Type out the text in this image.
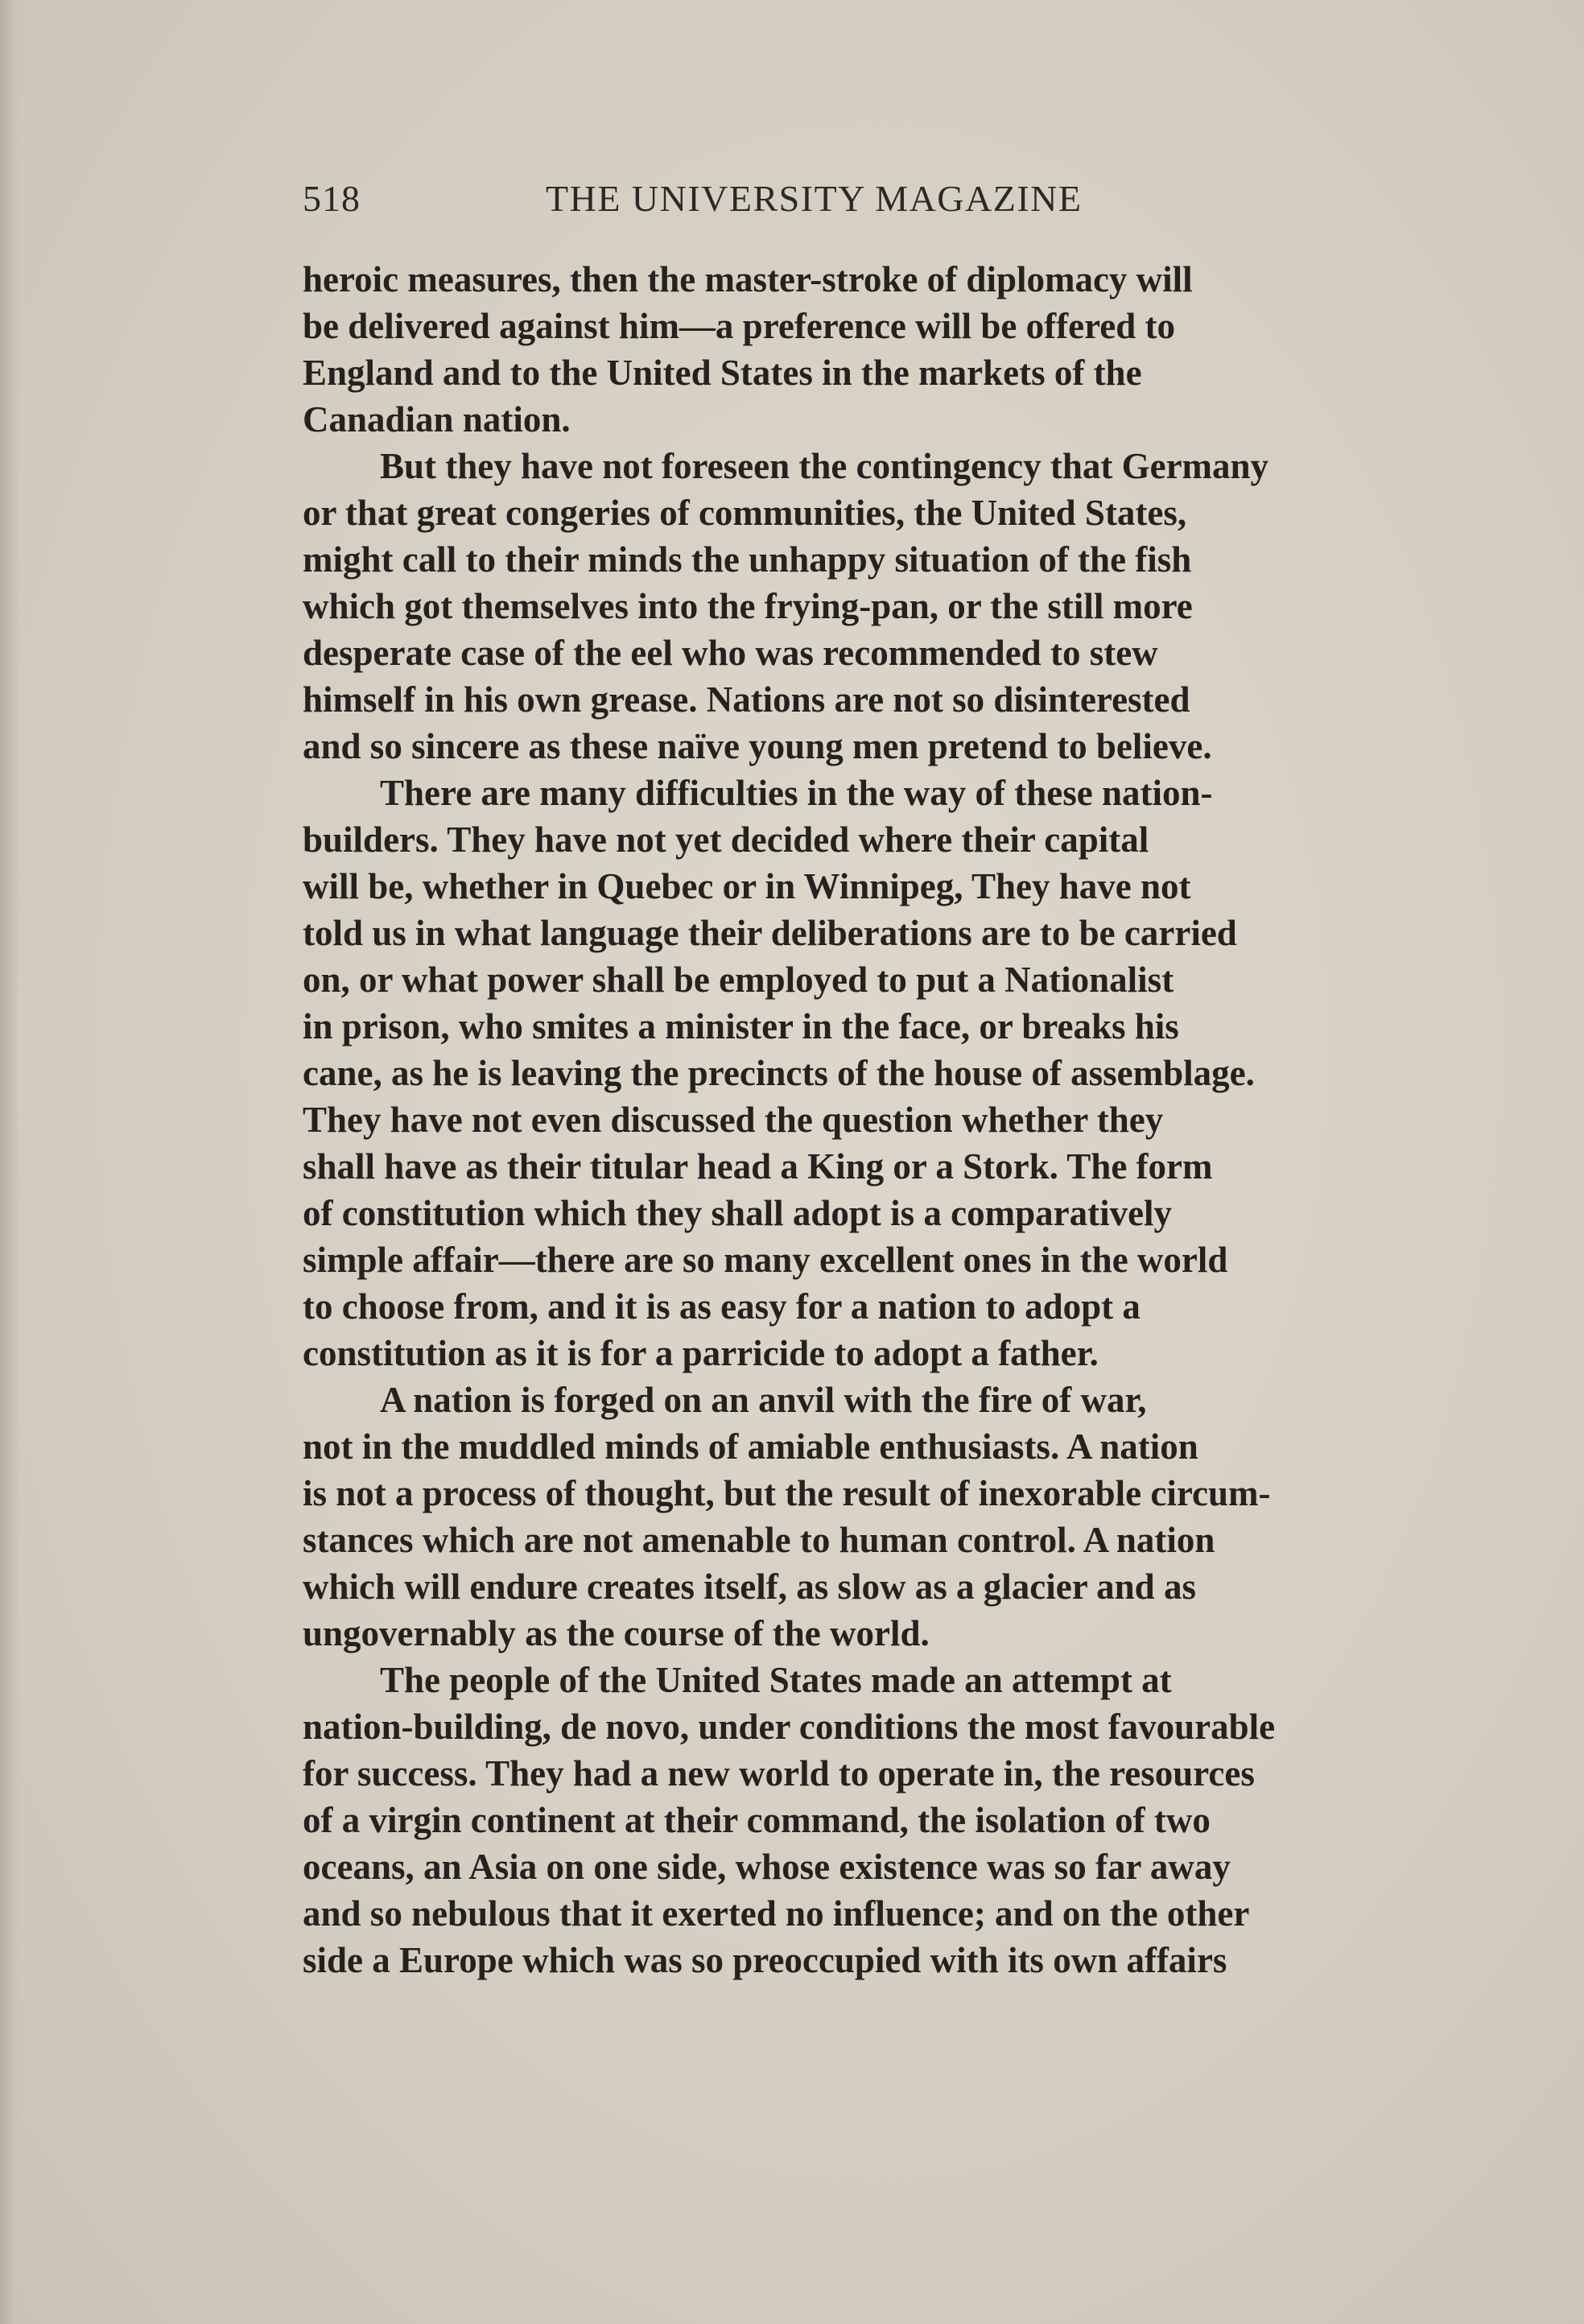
518	THE UNIVERSITY MAGAZINE
heroic measures, then the master-stroke of diplomacy will
be delivered against him—a preference will be offered to
England and to the United States in the markets of the
Canadian nation.
But they have not foreseen the contingency that Germany
or that great congeries of communities, the United States,
might call to their minds the unhappy situation of the fish
which got themselves into the frying-pan, or the still more
desperate case of the eel who was recommended to stew
himself in his own grease. Nations are not so disinterested
and so sincere as these naïve young men pretend to believe.
There are many difficulties in the way of these nation-
builders. They have not yet decided where their capital
will be, whether in Quebec or in Winnipeg, They have not
told us in what language their deliberations are to be carried
on, or what power shall be employed to put a Nationalist
in prison, who smites a minister in the face, or breaks his
cane, as he is leaving the precincts of the house of assemblage.
They have not even discussed the question whether they
shall have as their titular head a King or a Stork. The form
of constitution which they shall adopt is a comparatively
simple affair—there are so many excellent ones in the world
to choose from, and it is as easy for a nation to adopt a
constitution as it is for a parricide to adopt a father.
A nation is forged on an anvil with the fire of war,
not in the muddled minds of amiable enthusiasts. A nation
is not a process of thought, but the result of inexorable circum-
stances which are not amenable to human control. A nation
which will endure creates itself, as slow as a glacier and as
ungovernably as the course of the world.
The people of the United States made an attempt at
nation-building, de novo, under conditions the most favourable
for success. They had a new world to operate in, the resources
of a virgin continent at their command, the isolation of two
oceans, an Asia on one side, whose existence was so far away
and so nebulous that it exerted no influence; and on the other
side a Europe which was so preoccupied with its own affairs
